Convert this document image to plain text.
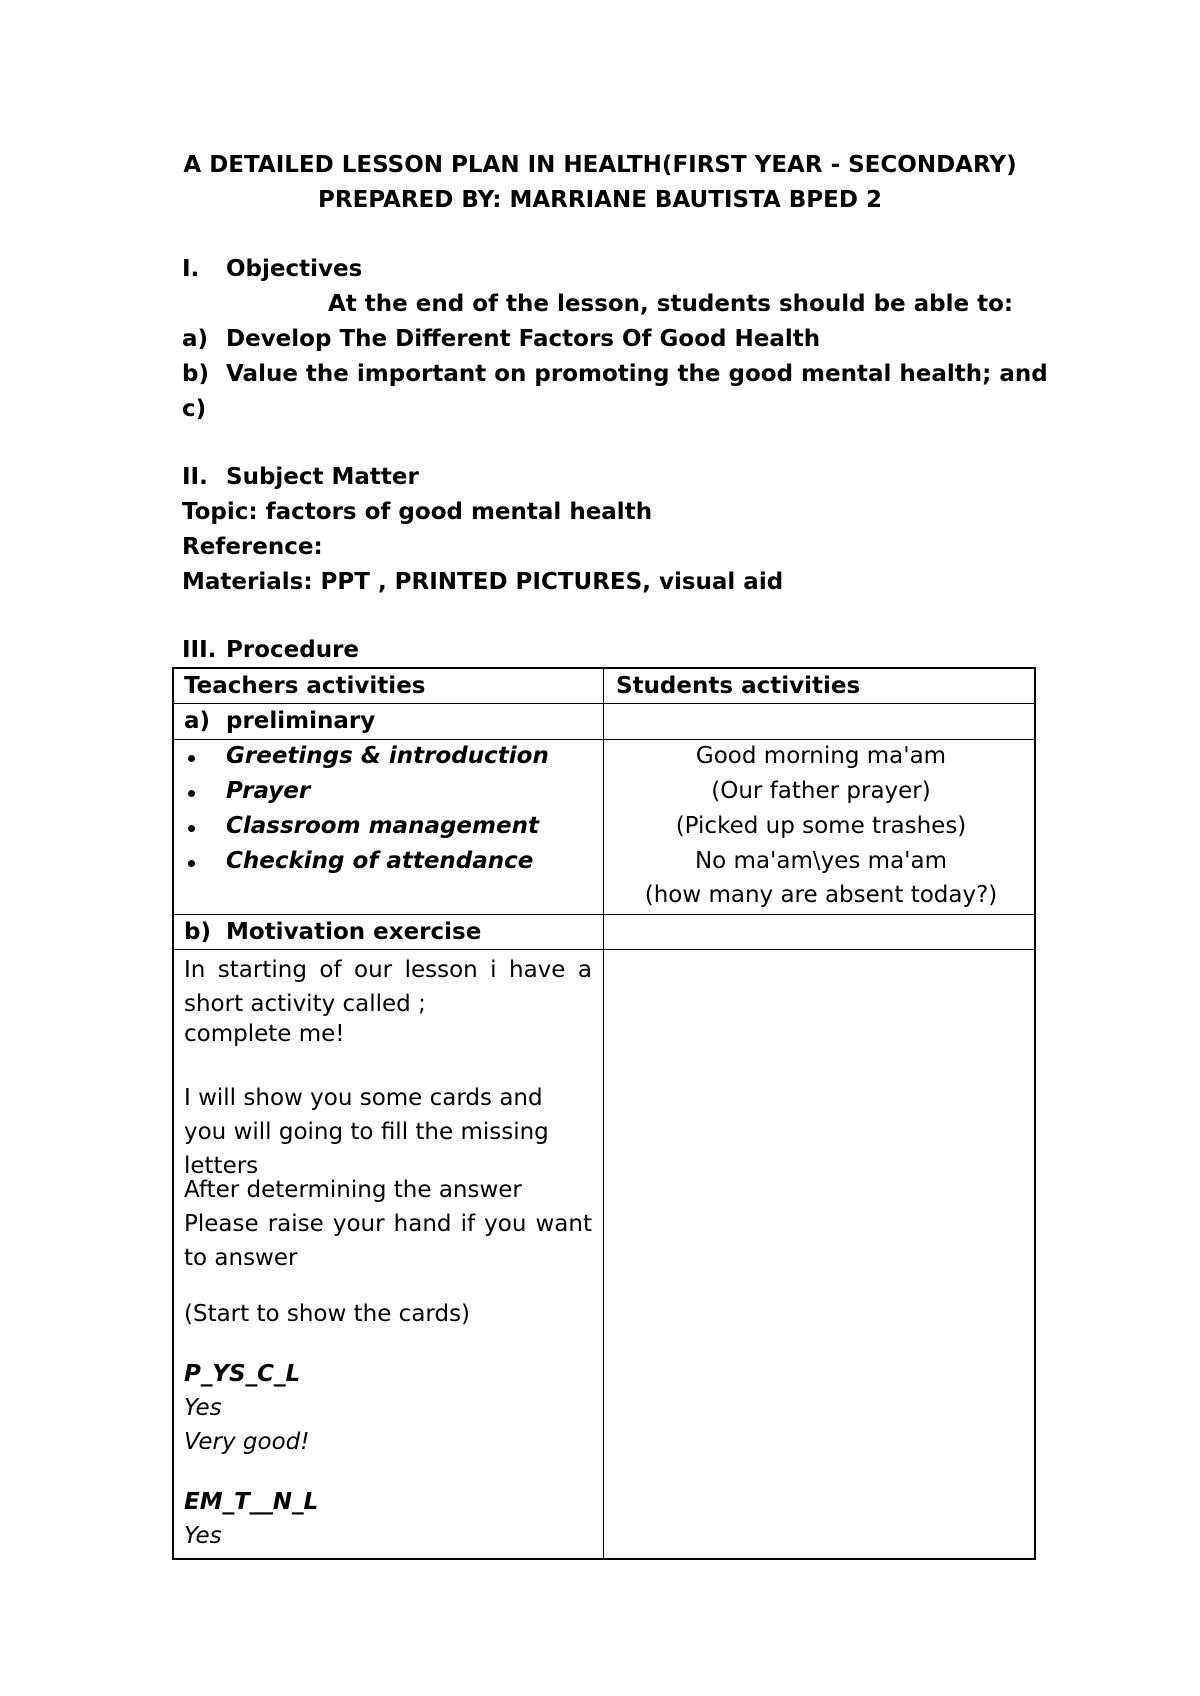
A DETAILED LESSON PLAN IN HEALTH(FIRST YEAR - SECONDARY)
PREPARED BY: MARRIANE BAUTISTA BPED 2
I. Objectives
At the end of the lesson, students should be able to:
a) Develop The Different Factors Of Good Health
b) Value the important on promoting the good mental health; and
c)
II. Subject Matter
Topic: factors of good mental health
Reference:
Materials: PPT , PRINTED PICTURES, visual aid
III. Procedure
Teachers activities	Students activities
a) preliminary
Greetings & introduction
Prayer
Classroom management
Checking of attendance
Good morning ma'am
(Our father prayer)
(Picked up some trashes)
No ma'am\yes ma'am
(how many are absent today?)
b) Motivation exercise
In starting of our lesson i have a short activity called ;
complete me!
I will show you some cards and you will going to fill the missing letters
After determining the answer
Please raise your hand if you want to answer
(Start to show the cards)
P_YS_C_L
Yes
Very good!
EM_T__N_L
Yes
